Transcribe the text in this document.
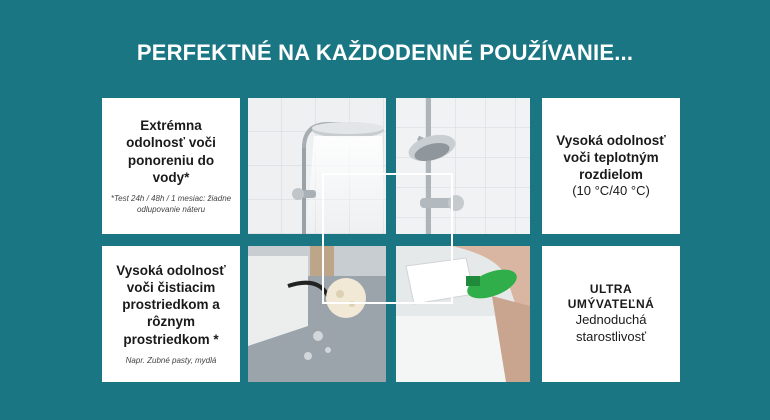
PERFEKTNÉ NA KAŽDODENNÉ POUŽÍVANIE...
Extrémna odolnosť voči ponoreniu do vody*
*Test 24h / 48h / 1 mesiac: žiadne odlupovanie náteru
Vysoká odolnosť voči teplotným rozdielom
(10 °C/40 °C)
Vysoká odolnosť voči čistiacim prostriedkom a rôznym prostriedkom *
Napr. Zubné pasty, mydlá
ULTRA UMÝVATEĽNÁ
Jednoduchá starostlivosť
